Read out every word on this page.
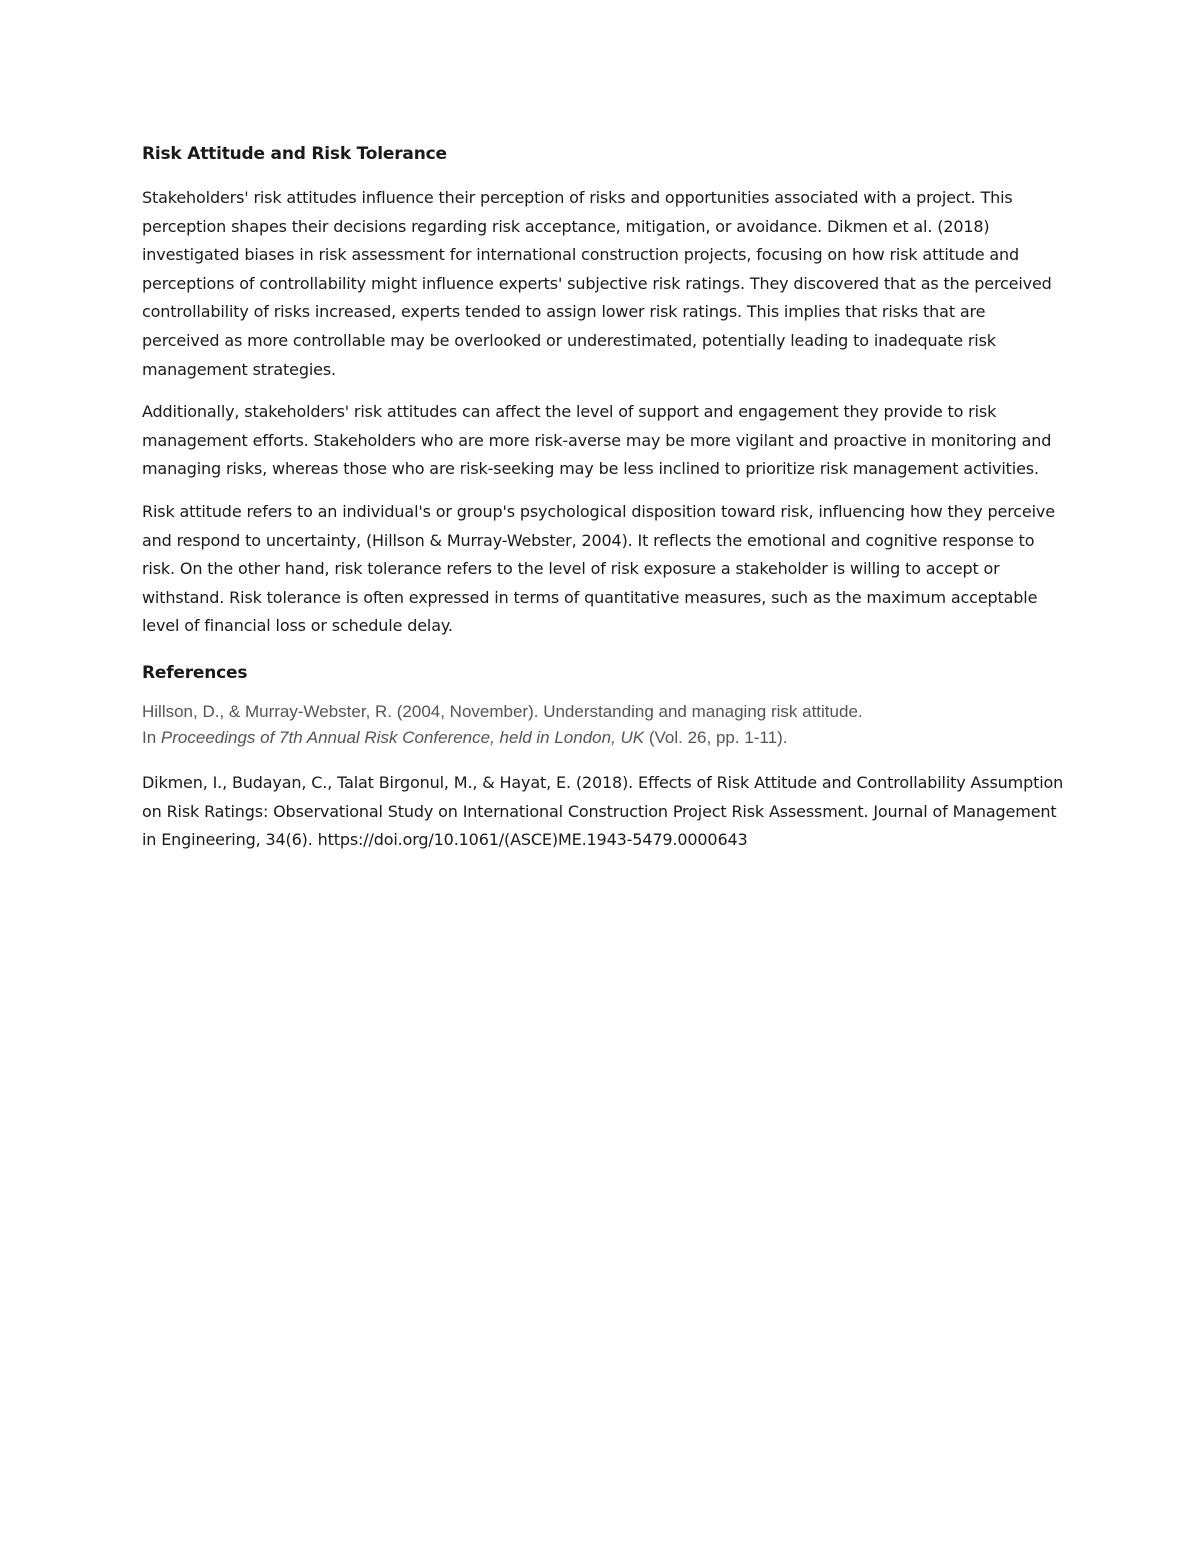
Risk Attitude and Risk Tolerance

Stakeholders' risk attitudes influence their perception of risks and opportunities associated with a project. This perception shapes their decisions regarding risk acceptance, mitigation, or avoidance. Dikmen et al. (2018) investigated biases in risk assessment for international construction projects, focusing on how risk attitude and perceptions of controllability might influence experts' subjective risk ratings. They discovered that as the perceived controllability of risks increased, experts tended to assign lower risk ratings. This implies that risks that are perceived as more controllable may be overlooked or underestimated, potentially leading to inadequate risk management strategies.

Additionally, stakeholders' risk attitudes can affect the level of support and engagement they provide to risk management efforts. Stakeholders who are more risk-averse may be more vigilant and proactive in monitoring and managing risks, whereas those who are risk-seeking may be less inclined to prioritize risk management activities.

Risk attitude refers to an individual's or group's psychological disposition toward risk, influencing how they perceive and respond to uncertainty, (Hillson & Murray-Webster, 2004). It reflects the emotional and cognitive response to risk. On the other hand, risk tolerance refers to the level of risk exposure a stakeholder is willing to accept or withstand. Risk tolerance is often expressed in terms of quantitative measures, such as the maximum acceptable level of financial loss or schedule delay.

References
Hillson, D., & Murray-Webster, R. (2004, November). Understanding and managing risk attitude.
In Proceedings of 7th Annual Risk Conference, held in London, UK (Vol. 26, pp. 1-11).

Dikmen, I., Budayan, C., Talat Birgonul, M., & Hayat, E. (2018). Effects of Risk Attitude and Controllability Assumption on Risk Ratings: Observational Study on International Construction Project Risk Assessment. Journal of Management in Engineering, 34(6). https://doi.org/10.1061/(ASCE)ME.1943-5479.0000643
